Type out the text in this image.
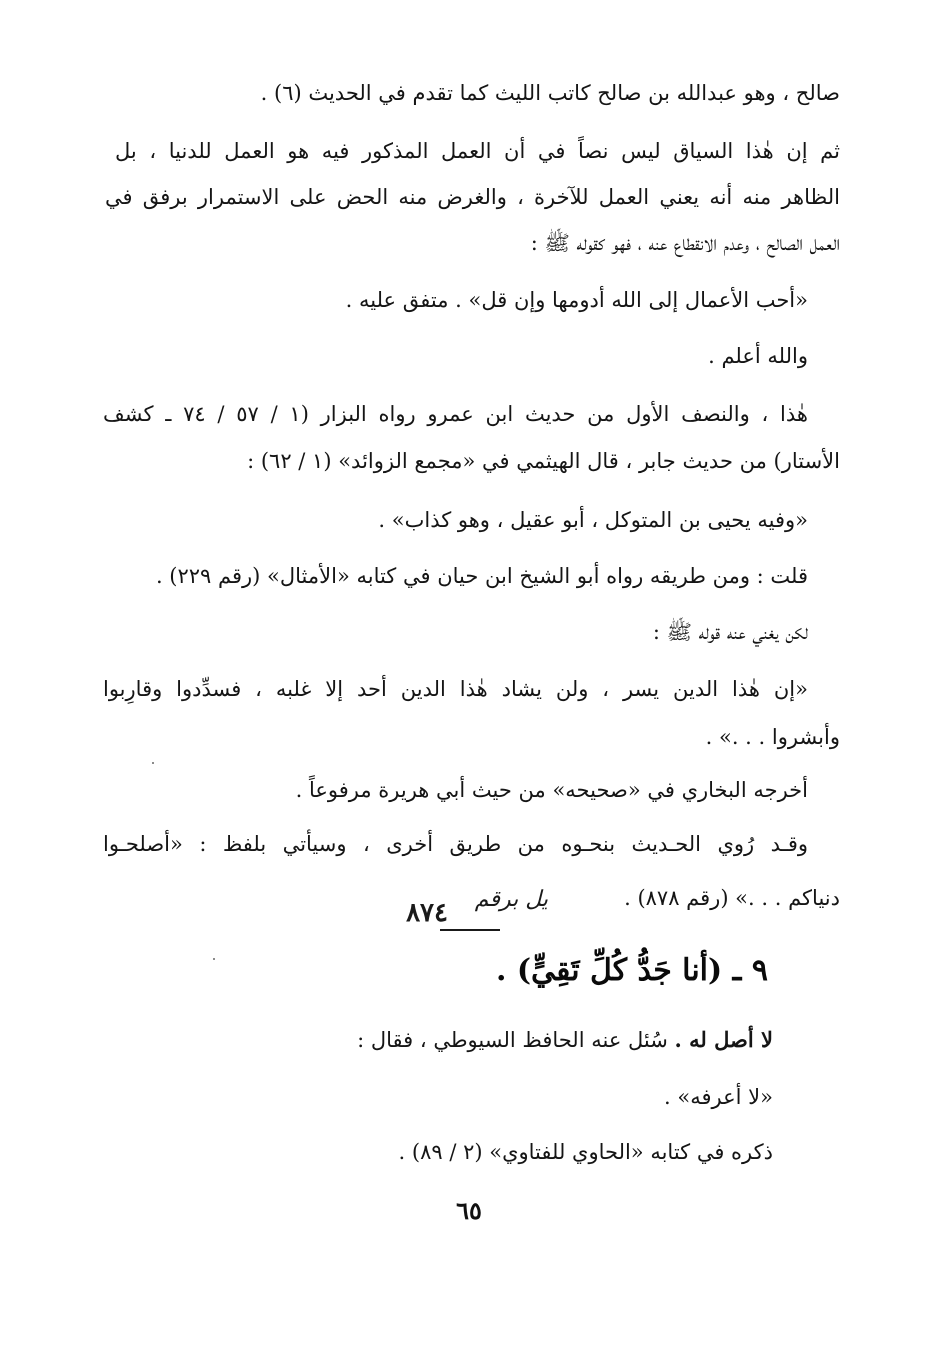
صالح ، وهو عبدالله بن صالح كاتب الليث كما تقدم في الحديث (٦) .
ثم إن هٰذا السياق ليس نصاً في أن العمل المذكور فيه هو العمل للدنيا ، بل
الظاهر منه أنه يعني العمل للآخرة ، والغرض منه الحض على الاستمرار برفق في
العمل الصالح ، وعدم الانقطاع عنه ، فهو كقوله ﷺ :
«أحب الأعمال إلى الله أدومها وإن قل» . متفق عليه .
والله أعلم .
هٰذا ، والنصف الأول من حديث ابن عمرو رواه البزار (١ / ٥٧ / ٧٤ ـ كشف
الأستار) من حديث جابر ، قال الهيثمي في «مجمع الزوائد» (١ / ٦٢) :
«وفيه يحيى بن المتوكل ، أبو عقيل ، وهو كذاب» .
قلت : ومن طريقه رواه أبو الشيخ ابن حيان في كتابه «الأمثال» (رقم ٢٢٩) .
لكن يغني عنه قوله ﷺ :
«إن هٰذا الدين يسر ، ولن يشاد هٰذا الدين أحد إلا غلبه ، فسدِّدوا وقارِبوا
وأبشروا . . .» .
أخرجه البخاري في «صحيحه» من حيث أبي هريرة مرفوعاً .
وقـد رُوي الحـديث بنحـوه من طريق أخرى ، وسيأتي بلفظ : «أصلحـوا
دنياكم . . .» (رقم ٨٧٨) .
يل برقم
٨٧٤
٩ ـ (أنا جَدُّ كُلِّ تَقِيٍّ) .
لا أصل له . سُئل عنه الحافظ السيوطي ، فقال :
«لا أعرفه» .
ذكره في كتابه «الحاوي للفتاوي» (٢ / ٨٩) .
٦٥
